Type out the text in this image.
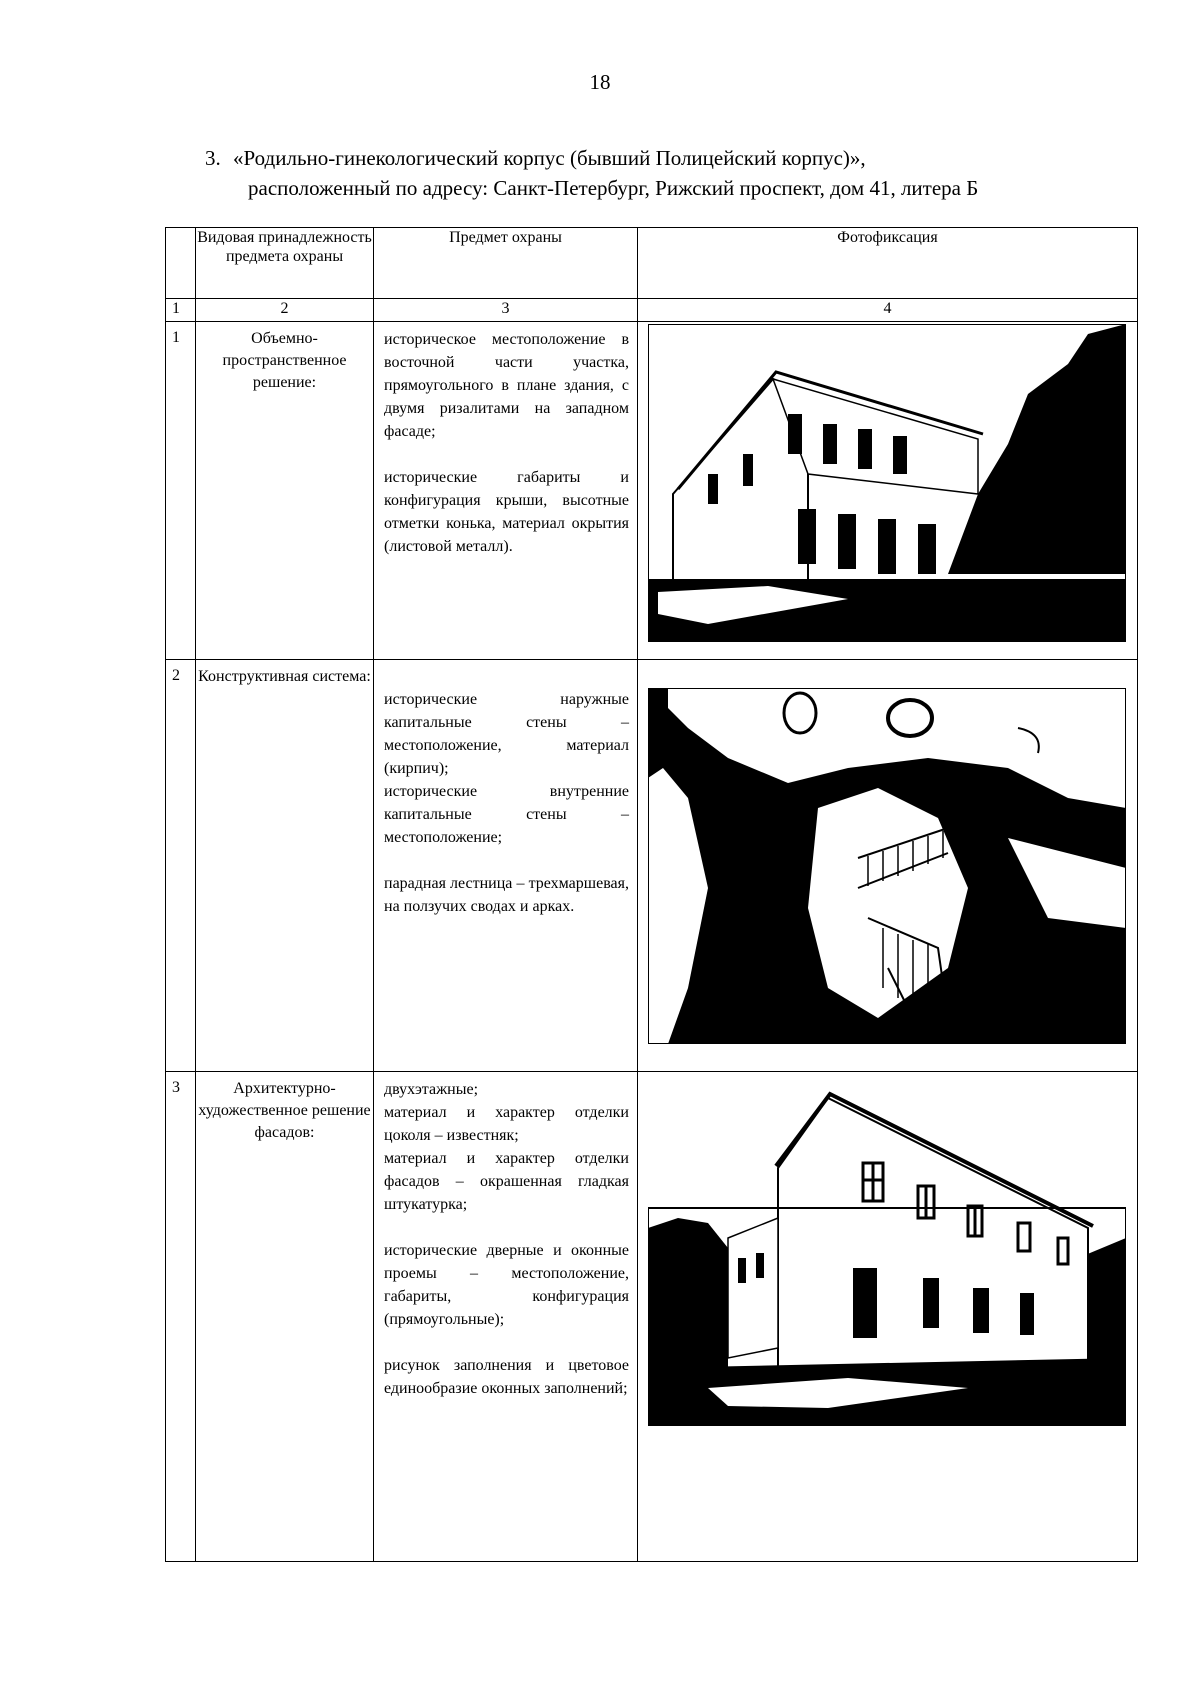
18
3. «Родильно-гинекологический корпус (бывший Полицейский корпус)»,
расположенный по адресу: Санкт-Петербург, Рижский проспект, дом 41, литера Б
	Видовая принадлежность предмета охраны	Предмет охраны	Фотофиксация
1	2	3	4
1	Объемно-пространственное решение:	историческое местоположение в восточной части участка, прямоугольного в плане здания, с двумя ризалитами на западном фасаде;

исторические габариты и конфигурация крыши, высотные отметки конька, материал окрытия (листовой металл).

2	Конструктивная система:	исторические наружные капитальные стены – местоположение, материал (кирпич);

исторические внутренние капитальные стены – местоположение;

парадная лестница – трехмаршевая, на ползучих сводах и арках.

3	Архитектурно-художественное решение фасадов:	двухэтажные;

материал и характер отделки цоколя – известняк;

материал и характер отделки фасадов – окрашенная гладкая штукатурка;

исторические дверные и оконные проемы – местоположение, габариты, конфигурация (прямоугольные);

рисунок заполнения и цветовое единообразие оконных заполнений;
